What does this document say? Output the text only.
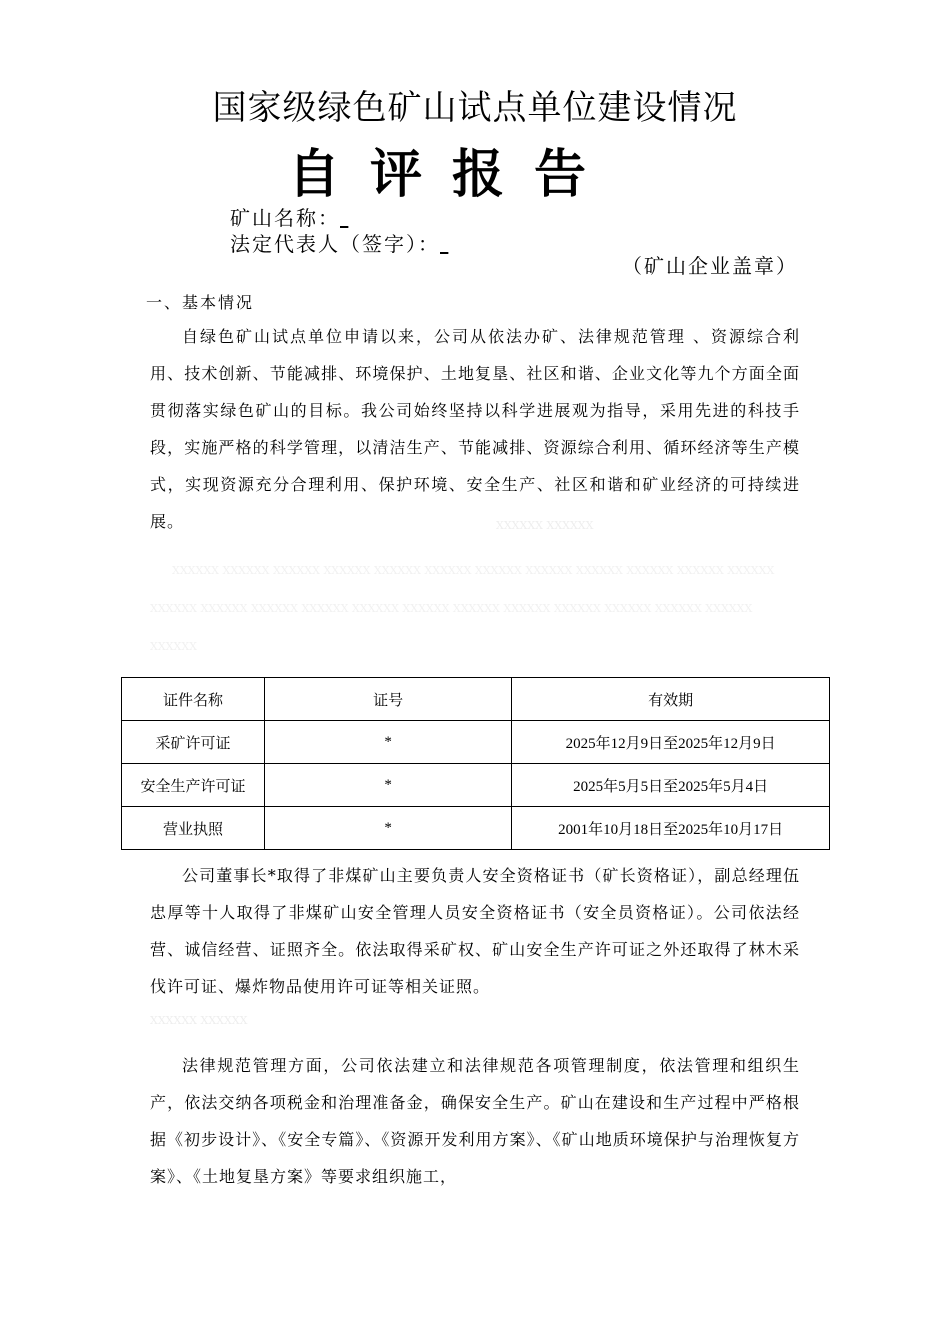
国家级绿色矿山试点单位建设情况
自评报告
矿山名称：
法定代表人（签字）：
（矿山企业盖章）
一、基本情况

自绿色矿山试点单位申请以来，公司从依法办矿、法律规范管理 、资源综合利用、技术创新、节能减排、环境保护、土地复垦、社区和谐、企业文化等九个方面全面贯彻落实绿色矿山的目标。我公司始终坚持以科学进展观为指导，采用先进的科技手段，实施严格的科学管理，以清洁生产、节能减排、资源综合利用、循环经济等生产模式，实现资源充分合理利用、保护环境、安全生产、社区和谐和矿业经济的可持续进展。	XXXXXX XXXXXX
XXXXXX XXXXXX XXXXXX XXXXXX XXXXXX XXXXXX XXXXXX XXXXXX XXXXXX XXXXXX XXXXXX XXXXXX XXXXXX XXXXXX XXXXXX XXXXXX XXXXXX XXXXXX XXXXXX XXXXXX XXXXXX XXXXXX XXXXXX XXXXXX XXXXXX
证件名称	证号	有效期
采矿许可证	*	2025年12月9日至2025年12月9日
安全生产许可证	*	2025年5月5日至2025年5月4日
营业执照	*	2001年10月18日至2025年10月17日

公司董事长*取得了非煤矿山主要负责人安全资格证书（矿长资格证），副总经理伍忠厚等十人取得了非煤矿山安全管理人员安全资格证书（安全员资格证）。公司依法经营、诚信经营、证照齐全。依法取得采矿权、矿山安全生产许可证之外还取得了林木采伐许可证、爆炸物品使用许可证等相关证照。

XXXXXX XXXXXX

法律规范管理方面，公司依法建立和法律规范各项管理制度，依法管理和组织生产，依法交纳各项税金和治理准备金，确保安全生产。矿山在建设和生产过程中严格根据《初步设计》、《安全专篇》、《资源开发利用方案》、《矿山地质环境保护与治理恢复方案》、《土地复垦方案》等要求组织施工，
